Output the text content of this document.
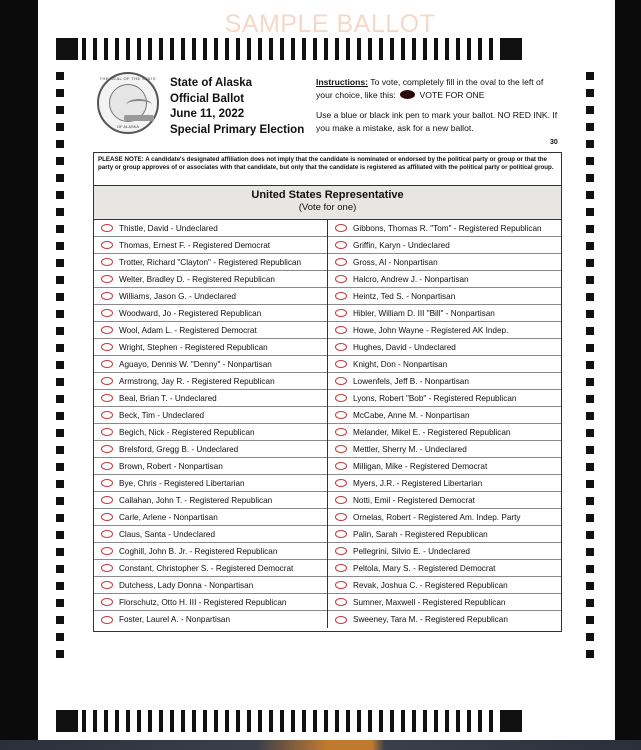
SAMPLE BALLOT
THE SEAL OF THE STATE
OF ALASKA
State of Alaska
Official Ballot
June 11, 2022
Special Primary Election

Instructions: To vote, completely fill in the oval to the left of your choice, like this:	VOTE FOR ONE

Use a blue or black ink pen to mark your ballot. NO RED INK. If you make a mistake, ask for a new ballot.

30
PLEASE NOTE: A candidate's designated affiliation does not imply that the candidate is nominated or endorsed by the political party or group or that the party or group approves of or associates with that candidate, but only that the candidate is registered as affiliated with the political party or political group.
United States Representative
(Vote for one)
Thistle, David - Undeclared
Thomas, Ernest F. - Registered Democrat
Trotter, Richard "Clayton" - Registered Republican
Welter, Bradley D. - Registered Republican
Williams, Jason G. - Undeclared
Woodward, Jo - Registered Republican
Wool, Adam L. - Registered Democrat
Wright, Stephen - Registered Republican
Aguayo, Dennis W. "Denny" - Nonpartisan
Armstrong, Jay R. - Registered Republican
Beal, Brian T. - Undeclared
Beck, Tim - Undeclared
Begich, Nick - Registered Republican
Brelsford, Gregg B. - Undeclared
Brown, Robert - Nonpartisan
Bye, Chris - Registered Libertarian
Callahan, John T. - Registered Republican
Carle, Arlene - Nonpartisan
Claus, Santa - Undeclared
Coghill, John B. Jr. - Registered Republican
Constant, Christopher S. - Registered Democrat
Dutchess, Lady Donna - Nonpartisan
Florschutz, Otto H. III - Registered Republican
Foster, Laurel A. - Nonpartisan
Gibbons, Thomas R. "Tom" - Registered Republican
Griffin, Karyn - Undeclared
Gross, Al - Nonpartisan
Halcro, Andrew J. - Nonpartisan
Heintz, Ted S. - Nonpartisan
Hibler, William D. III "Bill" - Nonpartisan
Howe, John Wayne - Registered AK Indep.
Hughes, David - Undeclared
Knight, Don - Nonpartisan
Lowenfels, Jeff B. - Nonpartisan
Lyons, Robert "Bob" - Registered Republican
McCabe, Anne M. - Nonpartisan
Melander, Mikel E. - Registered Republican
Mettler, Sherry M. - Undeclared
Milligan, Mike - Registered Democrat
Myers, J.R. - Registered Libertarian
Notti, Emil - Registered Democrat
Ornelas, Robert - Registered Am. Indep. Party
Palin, Sarah - Registered Republican
Pellegrini, Silvio E. - Undeclared
Peltola, Mary S. - Registered Democrat
Revak, Joshua C. - Registered Republican
Sumner, Maxwell - Registered Republican
Sweeney, Tara M. - Registered Republican
